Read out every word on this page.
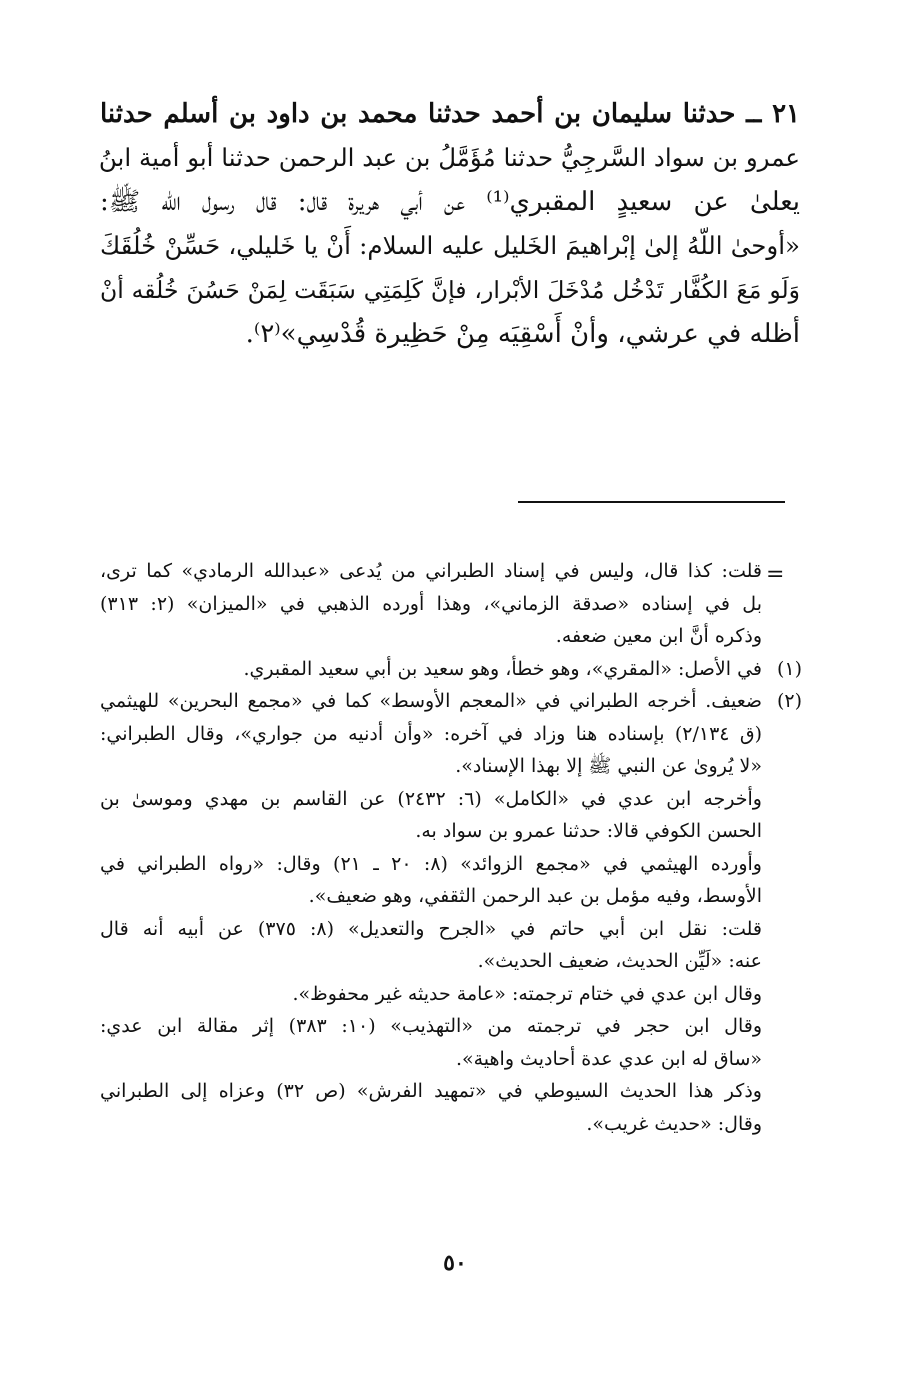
٢١ ــ حدثنا سليمان بن أحمد حدثنا محمد بن داود بن أسلم حدثنا
عمرو بن سواد السَّرجِيُّ حدثنا مُؤَمَّلُ بن عبد الرحمن حدثنا أبو أمية ابنُ
يعلىٰ عن سعيدٍ المقبري⁽¹⁾ عن أبي هريرة قال: قال رسول الله ﷺ:
«أوحىٰ اللّهُ إلىٰ إبْراهيمَ الخَليل عليه السلام: أَنْ يا خَليلي، حَسِّنْ خُلُقَكَ
وَلَو مَعَ الكُفَّار تَدْخُل مُدْخَلَ الأبْرار، فإنَّ كَلِمَتِي سَبَقَت لِمَنْ حَسُنَ خُلُقه أنْ
أظله في عرشي، وأنْ أَسْقِيَه مِنْ حَظِيرة قُدْسِي»⁽٢⁾.
=
قلت: كذا قال، وليس في إسناد الطبراني من يُدعى «عبدالله الرمادي» كما ترى،
بل في إسناده «صدقة الزماني»، وهذا أورده الذهبي في «الميزان» (٢: ٣١٣)
وذكره أنَّ ابن معين ضعفه.
(١)
في الأصل: «المقري»، وهو خطأ، وهو سعيد بن أبي سعيد المقبري.
(٢)
ضعيف. أخرجه الطبراني في «المعجم الأوسط» كما في «مجمع البحرين» للهيثمي
(ق ٢/١٣٤) بإسناده هنا وزاد في آخره: «وأن أدنيه من جواري»، وقال الطبراني:
«لا يُروىٰ عن النبي ﷺ إلا بهذا الإسناد».
وأخرجه ابن عدي في «الكامل» (٦: ٢٤٣٢) عن القاسم بن مهدي وموسىٰ بن
الحسن الكوفي قالا: حدثنا عمرو بن سواد به.
وأورده الهيثمي في «مجمع الزوائد» (٨: ٢٠ ـ ٢١) وقال: «رواه الطبراني في
الأوسط، وفيه مؤمل بن عبد الرحمن الثقفي، وهو ضعيف».
قلت: نقل ابن أبي حاتم في «الجرح والتعديل» (٨: ٣٧٥) عن أبيه أنه قال
عنه: «لَيِّن الحديث، ضعيف الحديث».
وقال ابن عدي في ختام ترجمته: «عامة حديثه غير محفوظ».
وقال ابن حجر في ترجمته من «التهذيب» (١٠: ٣٨٣) إثر مقالة ابن عدي:
«ساق له ابن عدي عدة أحاديث واهية».
وذكر هذا الحديث السيوطي في «تمهيد الفرش» (ص ٣٢) وعزاه إلى الطبراني
وقال: «حديث غريب».
٥٠
